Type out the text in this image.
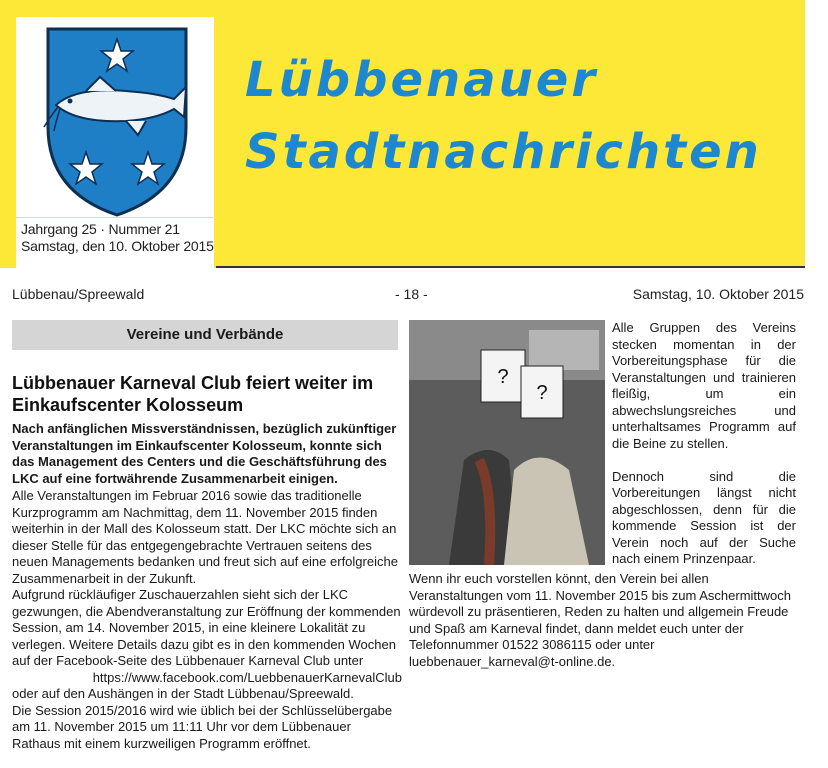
Lübbenauer
Stadtnachrichten
Jahrgang 25 · Nummer 21
Samstag, den 10. Oktober 2015
Lübbenau/Spreewald	- 18 -	Samstag, 10. Oktober 2015
Vereine und Verbände
Lübbenauer Karneval Club feiert weiter im Einkaufscenter Kolosseum
Nach anfänglichen Missverständnissen, bezüglich zukünftiger Veranstaltungen im Einkaufscenter Kolosseum, konnte sich das Management des Centers und die Geschäftsführung des LKC auf eine fortwährende Zusammenarbeit einigen.

Alle Veranstaltungen im Februar 2016 sowie das traditionelle Kurzprogramm am Nachmittag, dem 11. November 2015 finden weiterhin in der Mall des Kolosseum statt. Der LKC möchte sich an dieser Stelle für das entgegengebrachte Vertrauen seitens des neuen Managements bedanken und freut sich auf eine erfolgreiche Zusammenarbeit in der Zukunft.

Aufgrund rückläufiger Zuschauerzahlen sieht sich der LKC gezwungen, die Abendveranstaltung zur Eröffnung der kommenden Session, am 14. November 2015, in eine kleinere Lokalität zu verlegen. Weitere Details dazu gibt es in den kommenden Wochen auf der Facebook-Seite des Lübbenauer Karneval Club unter

https://www.facebook.com/LuebbenauerKarnevalClub

oder auf den Aushängen in der Stadt Lübbenau/Spreewald.

Die Session 2015/2016 wird wie üblich bei der Schlüsselübergabe am 11. November 2015 um 11:11 Uhr vor dem Lübbenauer Rathaus mit einem kurzweiligen Programm eröffnet.

?
?

Alle Gruppen des Vereins stecken momentan in der Vorbereitungsphase für die Veranstaltungen und trainieren fleißig, um ein abwechslungsreiches und unterhaltsames Programm auf die Beine zu stellen.

Dennoch sind die Vorbereitungen längst nicht abgeschlossen, denn für die kommende Session ist der Verein noch auf der Suche nach einem Prinzenpaar.

Wenn ihr euch vorstellen könnt, den Verein bei allen Veranstaltungen vom 11. November 2015 bis zum Aschermittwoch würdevoll zu präsentieren, Reden zu halten und allgemein Freude und Spaß am Karneval findet, dann meldet euch unter der Telefonnummer 01522 3086115 oder unter

luebbenauer_karneval@t-online.de.
